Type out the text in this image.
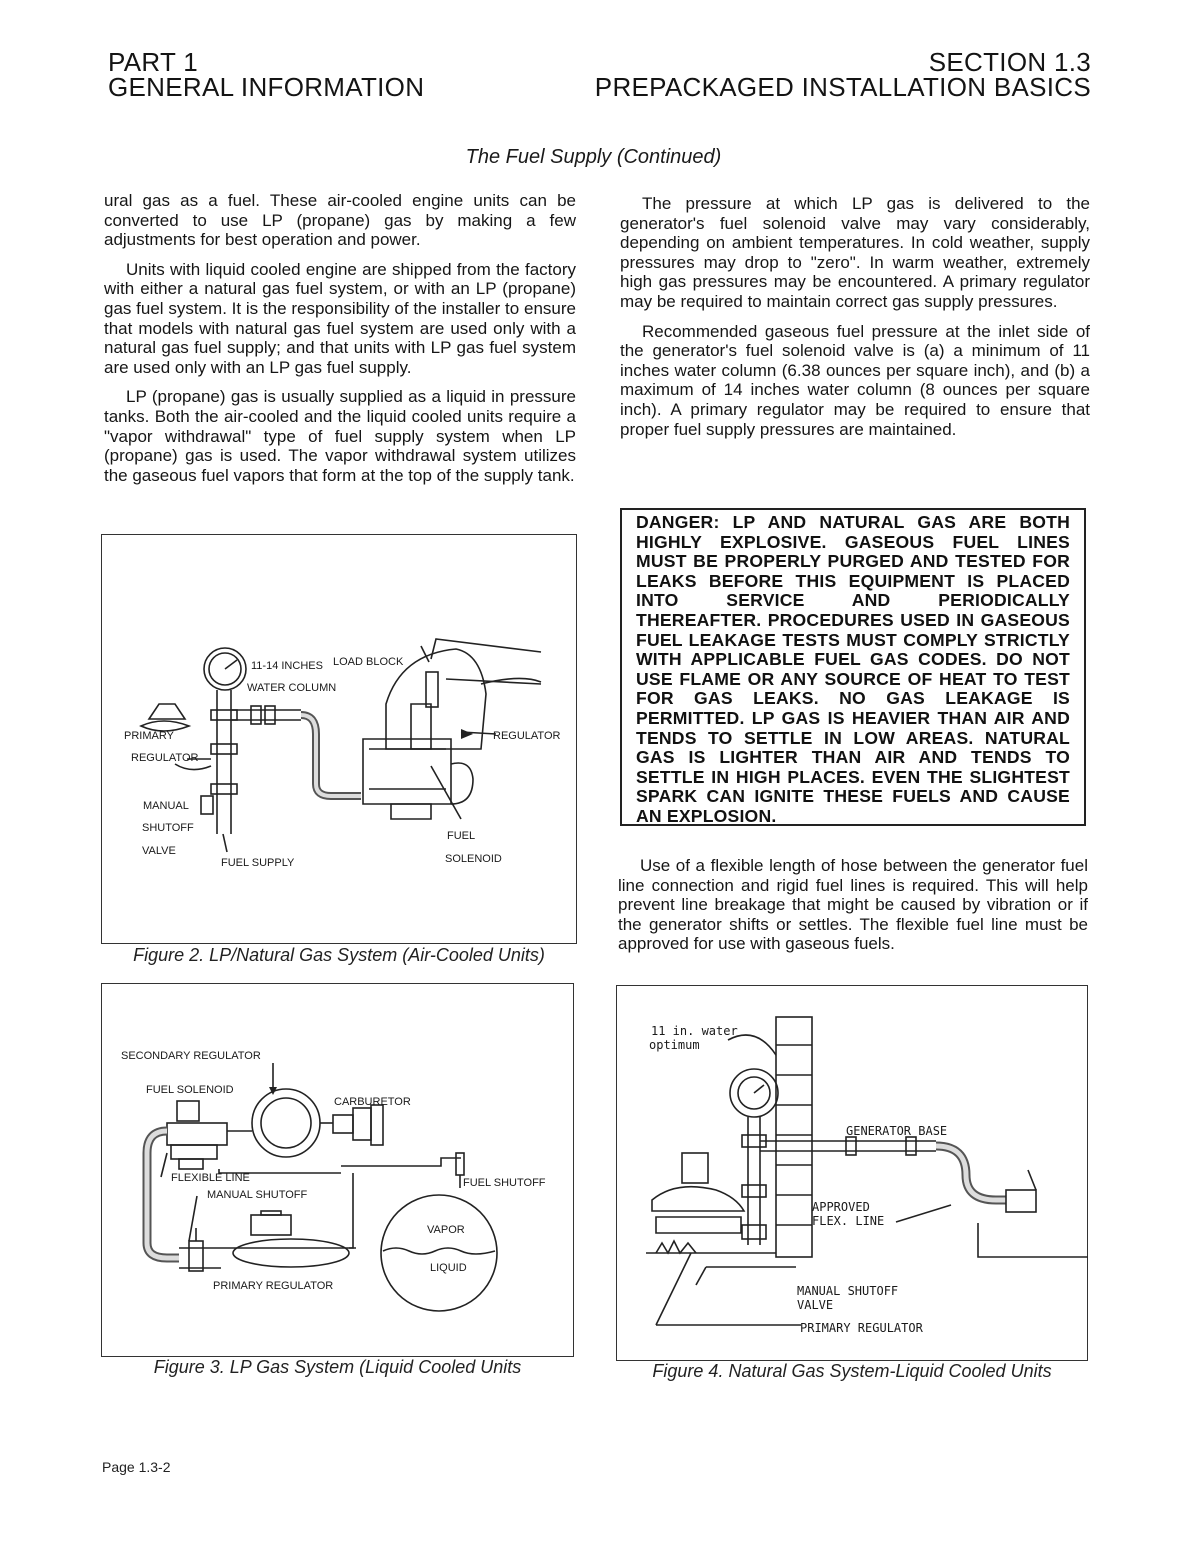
PART 1
GENERAL INFORMATION
SECTION 1.3
PREPACKAGED INSTALLATION BASICS
The Fuel Supply (Continued)

ural gas as a fuel. These air-cooled engine units can be converted to use LP (propane) gas by making a few adjustments for best operation and power.

Units with liquid cooled engine are shipped from the factory with either a natural gas fuel system, or with an LP (propane) gas fuel system. It is the responsibility of the installer to ensure that models with natural gas fuel system are used only with a natural gas fuel supply; and that units with LP gas fuel system are used only with an LP gas fuel supply.

LP (propane) gas is usually supplied as a liquid in pressure tanks. Both the air-cooled and the liquid cooled units require a "vapor withdrawal" type of fuel supply system when LP (propane) gas is used. The vapor withdrawal system utilizes the gaseous fuel vapors that form at the top of the supply tank.

The pressure at which LP gas is delivered to the generator's fuel solenoid valve may vary considerably, depending on ambient temperatures. In cold weather, supply pressures may drop to "zero". In warm weather, extremely high gas pressures may be encountered. A primary regulator may be required to maintain correct gas supply pressures.

Recommended gaseous fuel pressure at the inlet side of the generator's fuel solenoid valve is (a) a minimum of 11 inches water column (6.38 ounces per square inch), and (b) a maximum of 14 inches water column (8 ounces per square inch). A primary regulator may be required to ensure that proper fuel supply pressures are maintained.

DANGER: LP AND NATURAL GAS ARE BOTH HIGHLY EXPLOSIVE. GASEOUS FUEL LINES MUST BE PROPERLY PURGED AND TESTED FOR LEAKS BEFORE THIS EQUIPMENT IS PLACED INTO SERVICE AND PERIODICALLY THEREAFTER. PROCEDURES USED IN GASEOUS FUEL LEAKAGE TESTS MUST COMPLY STRICTLY WITH APPLICABLE FUEL GAS CODES. DO NOT USE FLAME OR ANY SOURCE OF HEAT TO TEST FOR GAS LEAKS. NO GAS LEAKAGE IS PERMITTED. LP GAS IS HEAVIER THAN AIR AND TENDS TO SETTLE IN LOW AREAS. NATURAL GAS IS LIGHTER THAN AIR AND TENDS TO SETTLE IN HIGH PLACES. EVEN THE SLIGHTEST SPARK CAN IGNITE THESE FUELS AND CAUSE AN EXPLOSION.

Use of a flexible length of hose between the generator fuel line connection and rigid fuel lines is required. This will help prevent line breakage that might be caused by vibration or if the generator shifts or settles. The flexible fuel line must be approved for use with gaseous fuels.

11-14 INCHES
WATER COLUMN
LOAD BLOCK
PRIMARY
REGULATOR
REGULATOR
MANUAL
SHUTOFF
VALVE
FUEL SUPPLY
FUEL
SOLENOID
Figure 2. LP/Natural Gas System (Air-Cooled Units)
SECONDARY REGULATOR
FUEL SOLENOID
CARBURETOR
FLEXIBLE LINE
MANUAL SHUTOFF
FUEL SHUTOFF
VAPOR
LIQUID
PRIMARY REGULATOR
Figure 3. LP Gas System (Liquid Cooled Units
11 in. water
optimum
GENERATOR BASE
APPROVED
FLEX. LINE
MANUAL SHUTOFF
VALVE
PRIMARY REGULATOR
Figure 4. Natural Gas System-Liquid Cooled Units
Page 1.3-2
